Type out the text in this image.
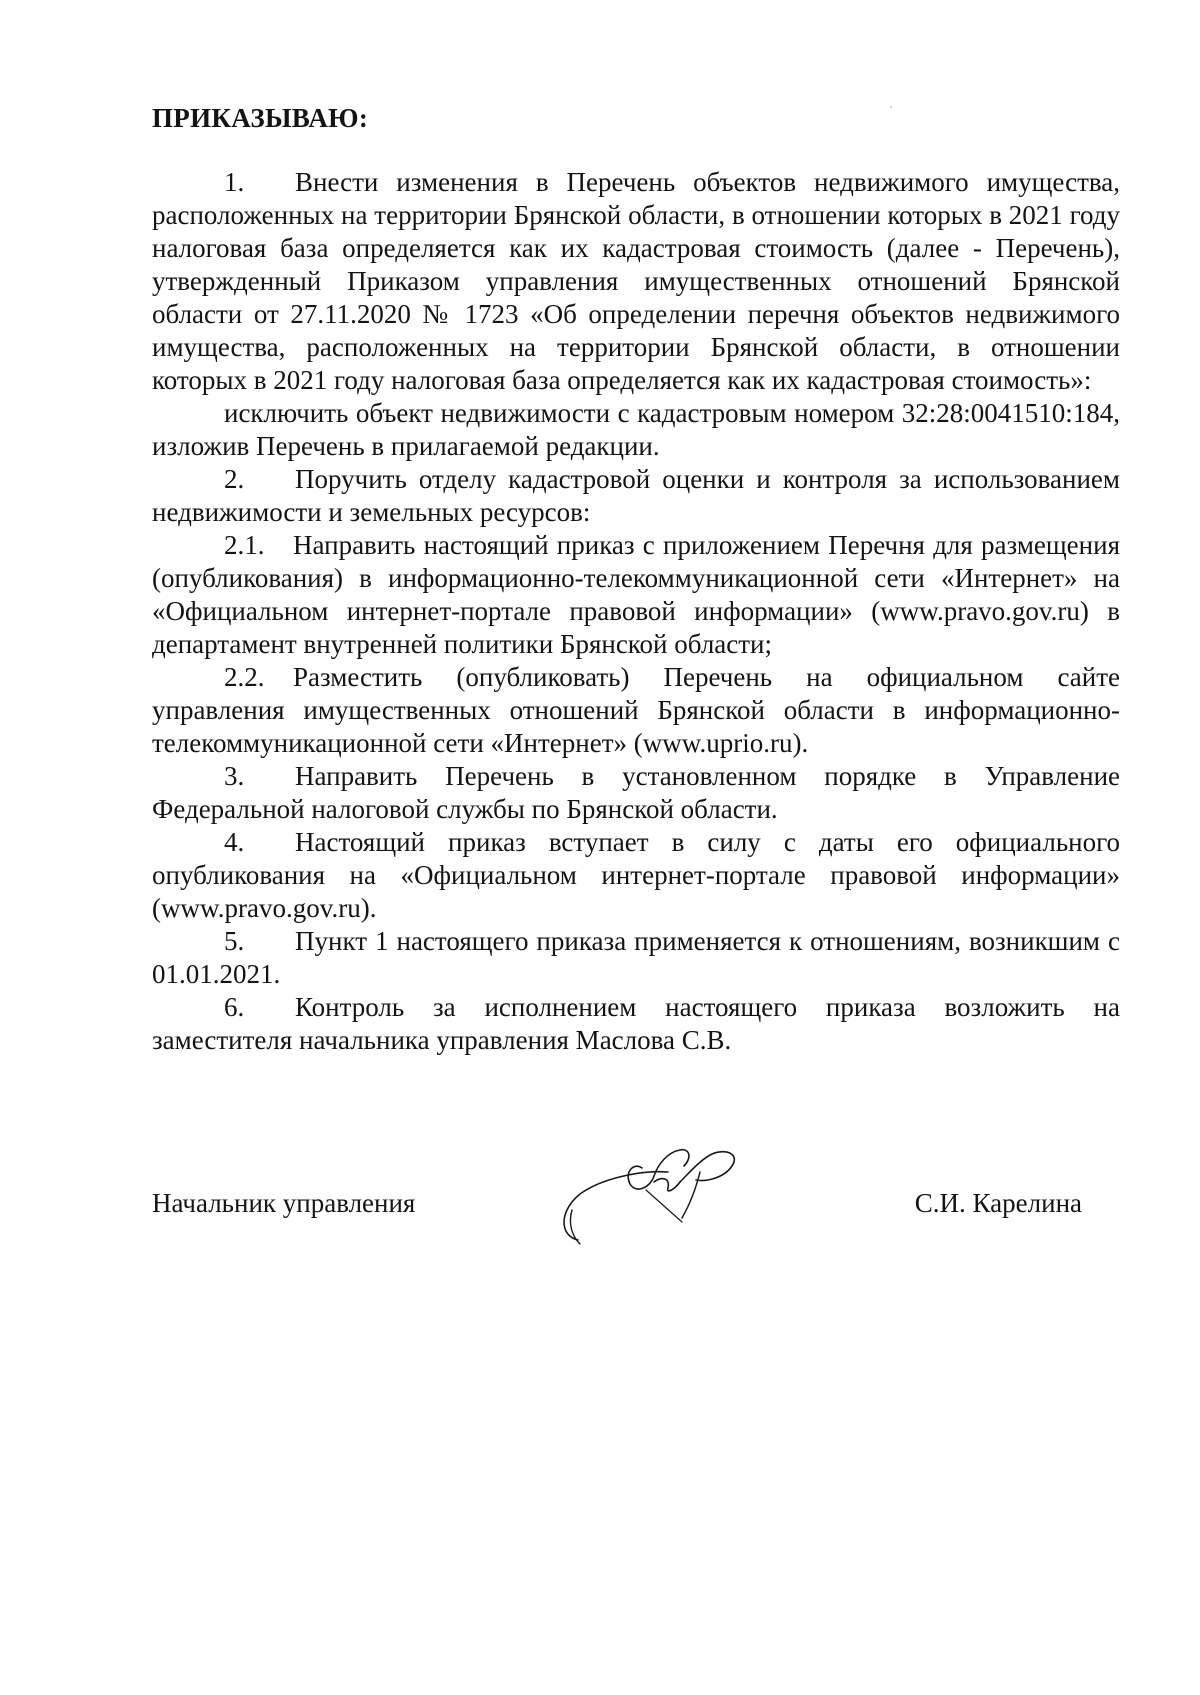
ПРИКАЗЫВАЮ:

1. Внести изменения в Перечень объектов недвижимого имущества, расположенных на территории Брянской области, в отношении которых в 2021 году налоговая база определяется как их кадастровая стоимость (далее - Перечень), утвержденный Приказом управления имущественных отношений Брянской области от 27.11.2020 № 1723 «Об определении перечня объектов недвижимого имущества, расположенных на территории Брянской области, в отношении которых в 2021 году налоговая база определяется как их кадастровая стоимость»:

исключить объект недвижимости с кадастровым номером 32:28:0041510:184, изложив Перечень в прилагаемой редакции.

2. Поручить отделу кадастровой оценки и контроля за использованием недвижимости и земельных ресурсов:

2.1. Направить настоящий приказ с приложением Перечня для размещения (опубликования) в информационно-телекоммуникационной сети «Интернет» на «Официальном интернет-портале правовой информации» (www.pravo.gov.ru) в департамент внутренней политики Брянской области;

2.2. Разместить (опубликовать) Перечень на официальном сайте управления имущественных отношений Брянской области в информационно-телекоммуникационной сети «Интернет» (www.uprio.ru).

3. Направить Перечень в установленном порядке в Управление Федеральной налоговой службы по Брянской области.

4. Настоящий приказ вступает в силу с даты его официального опубликования на «Официальном интернет-портале правовой информации» (www.pravo.gov.ru).

5. Пункт 1 настоящего приказа применяется к отношениям, возникшим с 01.01.2021.

6. Контроль за исполнением настоящего приказа возложить на заместителя начальника управления Маслова С.В.

Начальник управления	С.И. Карелина
